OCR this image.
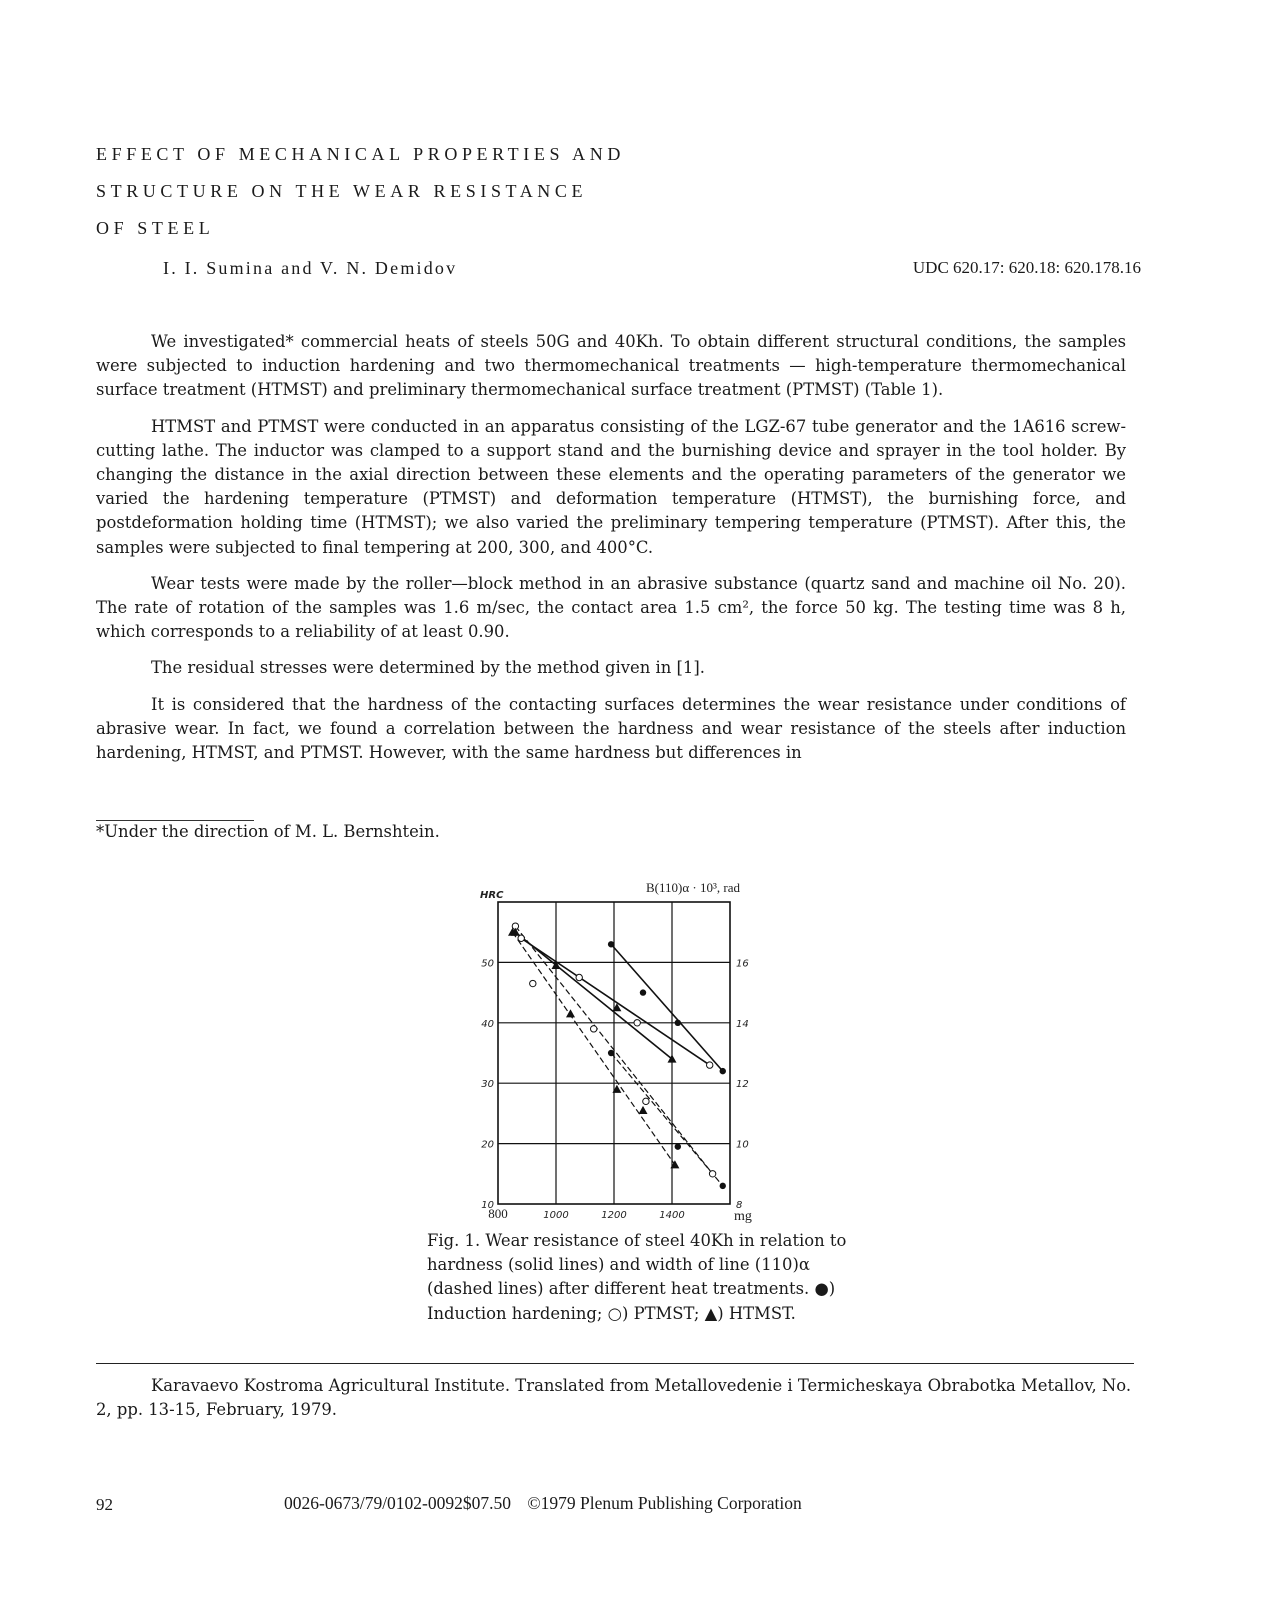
EFFECT OF MECHANICAL PROPERTIES AND
STRUCTURE ON THE WEAR RESISTANCE
OF STEEL
I. I. Sumina and V. N. Demidov	UDC 620.17: 620.18: 620.178.16

We investigated* commercial heats of steels 50G and 40Kh. To obtain different structural conditions, the samples were subjected to induction hardening and two thermomechanical treatments — high-temperature thermomechanical surface treatment (HTMST) and preliminary thermomechanical surface treatment (PTMST) (Table 1).

HTMST and PTMST were conducted in an apparatus consisting of the LGZ-67 tube generator and the 1A616 screw-cutting lathe. The inductor was clamped to a support stand and the burnishing device and sprayer in the tool holder. By changing the distance in the axial direction between these elements and the operating parameters of the generator we varied the hardening temperature (PTMST) and deformation temperature (HTMST), the burnishing force, and postdeformation holding time (HTMST); we also varied the preliminary tempering temperature (PTMST). After this, the samples were subjected to final tempering at 200, 300, and 400°C.

Wear tests were made by the roller—block method in an abrasive substance (quartz sand and machine oil No. 20). The rate of rotation of the samples was 1.6 m/sec, the contact area 1.5 cm², the force 50 kg. The testing time was 8 h, which corresponds to a reliability of at least 0.90.

The residual stresses were determined by the method given in [1].

It is considered that the hardness of the contacting surfaces determines the wear resistance under conditions of abrasive wear. In fact, we found a correlation between the hardness and wear resistance of the steels after induction hardening, HTMST, and PTMST. However, with the same hardness but differences in

*Under the direction of M. L. Bernshtein.
50
40
30
20
10
16
14
12
10
8
800	1000	1200	1400	mg
HRC
B(110)α · 10³, rad
Fig. 1. Wear resistance of steel 40Kh in relation to hardness (solid lines) and width of line (110)α (dashed lines) after different heat treatments. ●) Induction hardening; ○) PTMST; ▲) HTMST.

Karavaevo Kostroma Agricultural Institute. Translated from Metallovedenie i Termicheskaya Obrabotka Metallov, No. 2, pp. 13-15, February, 1979.

92	0026-0673/79/0102-0092$07.50 ©1979 Plenum Publishing Corporation
